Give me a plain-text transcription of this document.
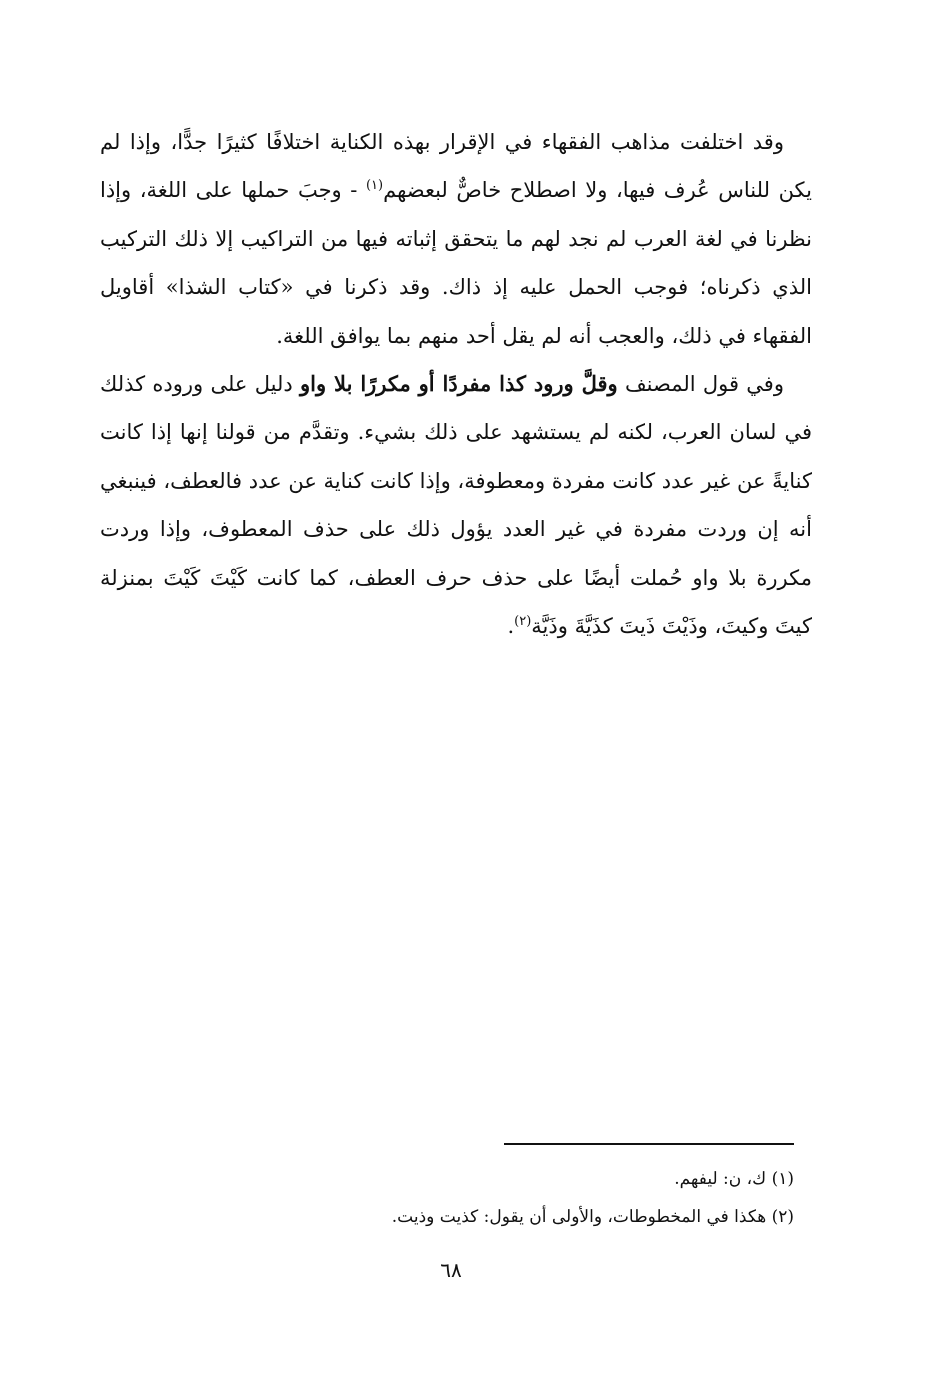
وقد اختلفت مذاهب الفقهاء في الإقرار بهذه الكناية اختلافًا كثيرًا جدًّا، وإذا لم يكن للناس عُرف فيها، ولا اصطلاح خاصٌّ لبعضهم$^{(١)}$ - وجبَ حملها على اللغة، وإذا نظرنا في لغة العرب لم نجد لهم ما يتحقق إثباته فيها من التراكيب إلا ذلك التركيب الذي ذكرناه؛ فوجب الحمل عليه إذ ذاك. وقد ذكرنا في «كتاب الشذا» أقاويل الفقهاء في ذلك، والعجب أنه لم يقل أحد منهم بما يوافق اللغة.

وفي قول المصنف وقلَّ ورود كذا مفردًا أو مكررًا بلا واو دليل على وروده كذلك في لسان العرب، لكنه لم يستشهد على ذلك بشيء. وتقدَّم من قولنا إنها إذا كانت كنايةً عن غير عدد كانت مفردة ومعطوفة، وإذا كانت كناية عن عدد فالعطف، فينبغي أنه إن وردت مفردة في غير العدد يؤول ذلك على حذف المعطوف، وإذا وردت مكررة بلا واو حُملت أيضًا على حذف حرف العطف، كما كانت كَيْتَ كَيْتَ بمنزلة كيتَ وكيتَ، وذَيْتَ ذَيتَ كذَيَّةَ وذَيَّة$^{(٢)}$.

(١) ك، ن: ليفهم.

(٢) هكذا في المخطوطات، والأولى أن يقول: كذيت وذيت.

٦٨
